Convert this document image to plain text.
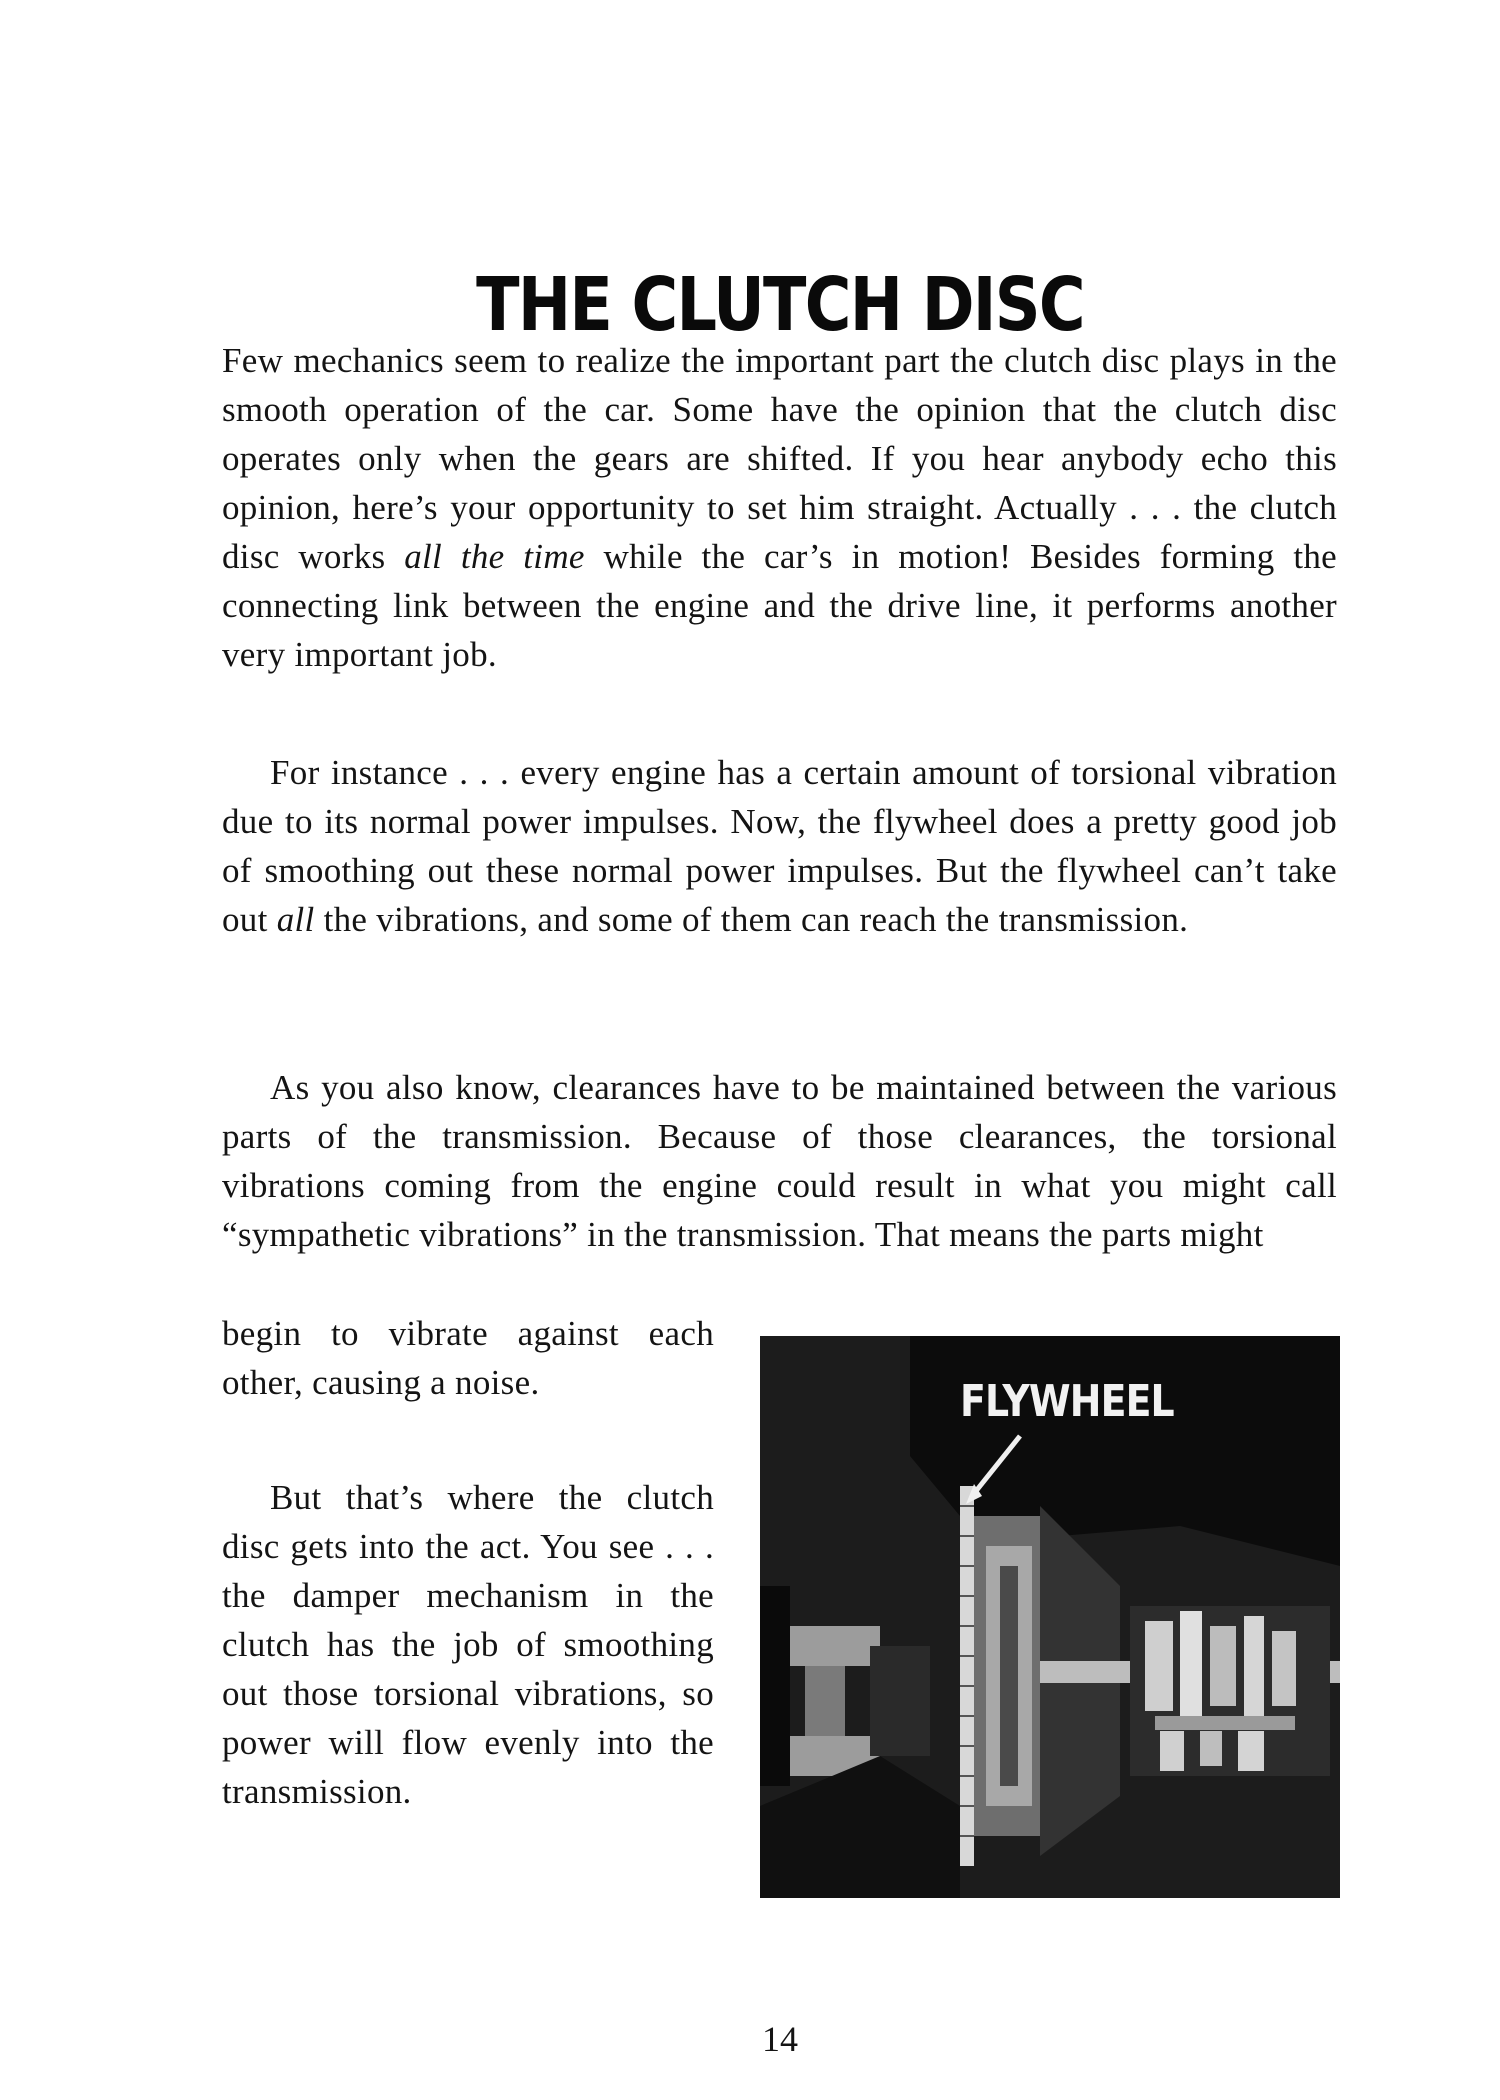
THE CLUTCH DISC

Few mechanics seem to realize the important part the clutch disc plays in the smooth operation of the car. Some have the opinion that the clutch disc operates only when the gears are shifted. If you hear anybody echo this opinion, here’s your opportunity to set him straight. Actually . . . the clutch disc works all the time while the car’s in motion! Besides forming the connecting link between the engine and the drive line, it performs another very important job.

For instance . . . every engine has a certain amount of torsional vibration due to its normal power impulses. Now, the flywheel does a pretty good job of smoothing out these normal power impulses. But the flywheel can’t take out all the vibrations, and some of them can reach the transmission.

As you also know, clearances have to be maintained between the various parts of the transmission. Because of those clearances, the torsional vibrations coming from the engine could result in what you might call “sympathetic vibrations” in the transmission. That means the parts might

begin to vibrate against each other, causing a noise.

But that’s where the clutch disc gets into the act. You see . . . the damper mechanism in the clutch has the job of smoothing out those torsional vibrations, so power will flow evenly into the transmission.

FLYWHEEL
14
